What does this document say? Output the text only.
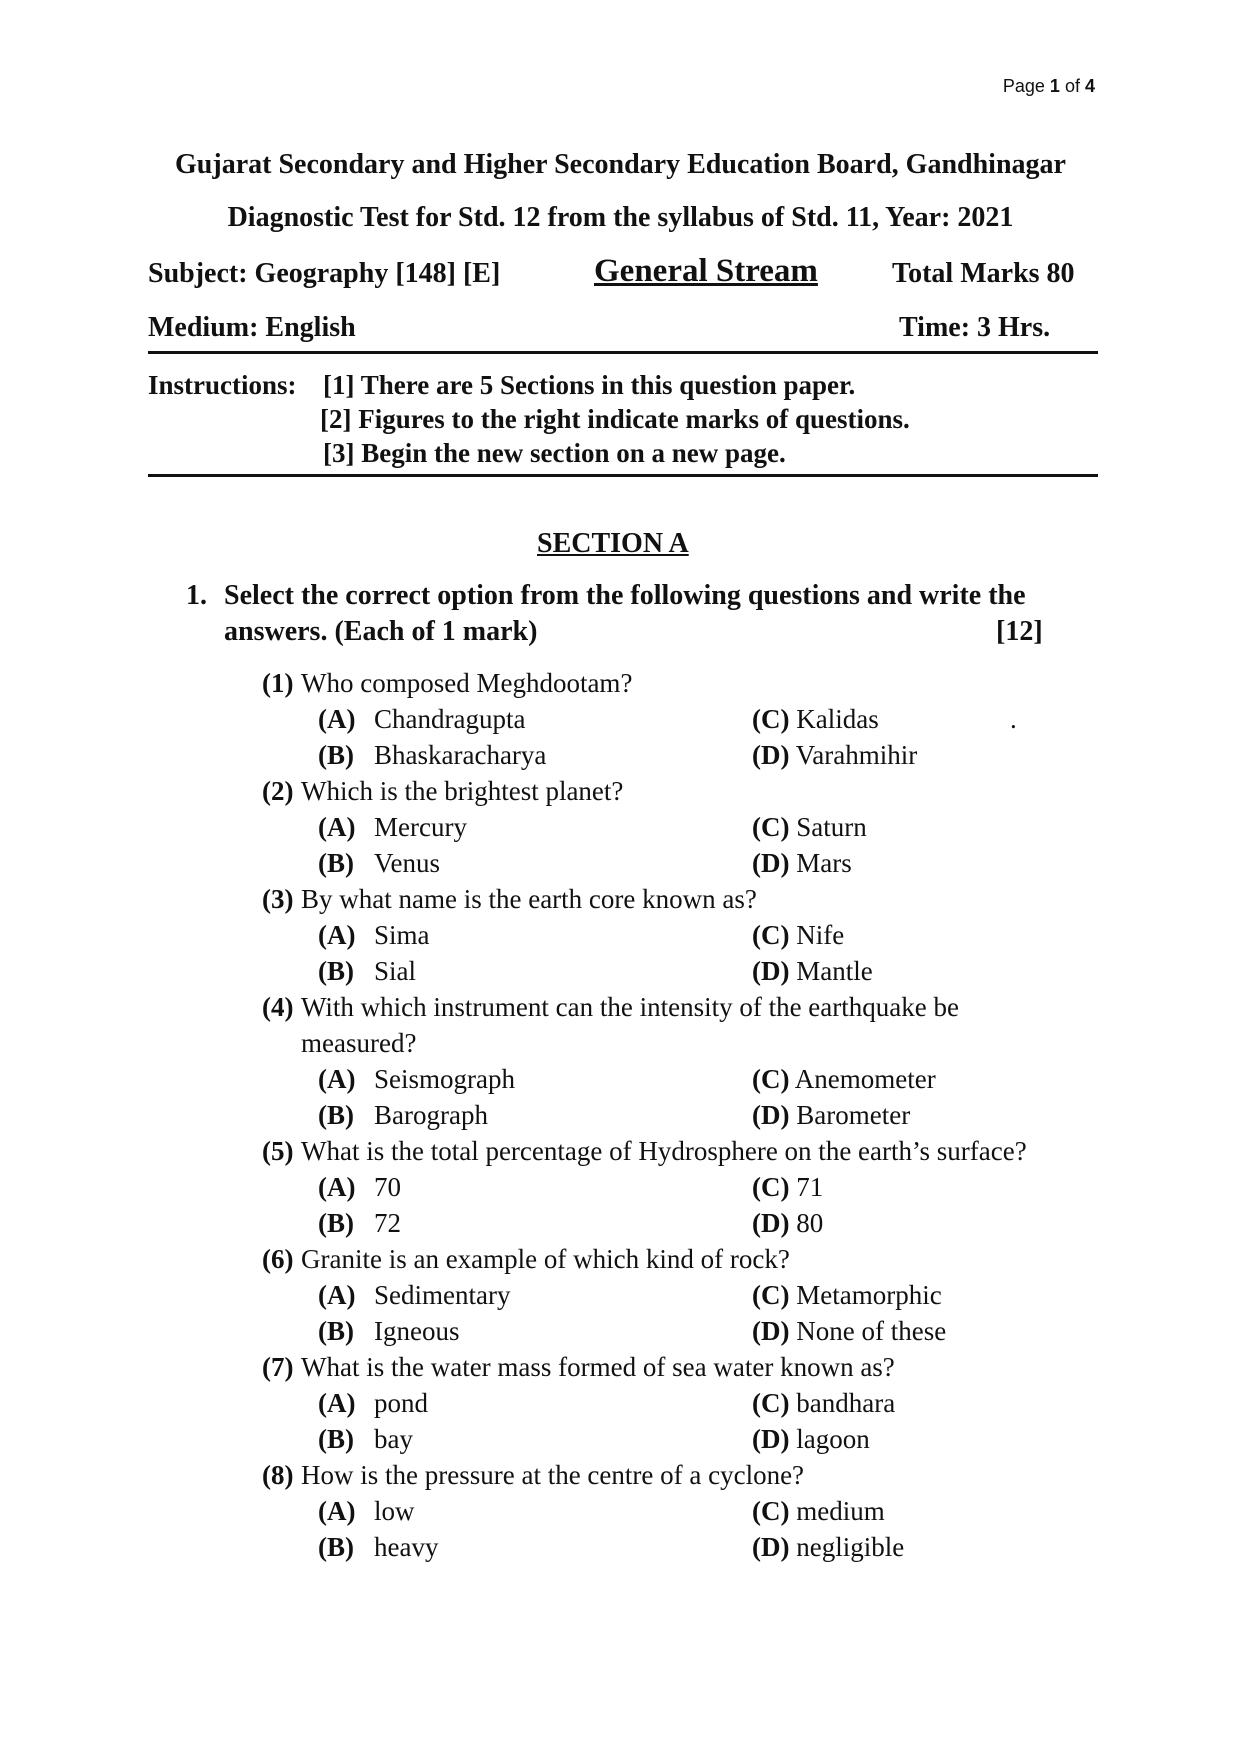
Page 1 of 4
Gujarat Secondary and Higher Secondary Education Board, Gandhinagar
Diagnostic Test for Std. 12 from the syllabus of Std. 11, Year: 2021
Subject: Geography [148] [E]	General Stream	Total Marks 80
Medium: English	Time: 3 Hrs.
Instructions: [1] There are 5 Sections in this question paper.
[2] Figures to the right indicate marks of questions.
[3] Begin the new section on a new page.
SECTION A
1. Select the correct option from the following questions and write the
answers. (Each of 1 mark)	[12]
(1) Who composed Meghdootam?
(A) Chandragupta	(C) Kalidas	.
(B) Bhaskaracharya	(D) Varahmihir
(2) Which is the brightest planet?
(A) Mercury	(C) Saturn
(B) Venus	(D) Mars
(3) By what name is the earth core known as?
(A) Sima	(C) Nife
(B) Sial	(D) Mantle
(4) With which instrument can the intensity of the earthquake be
measured?
(A) Seismograph	(C) Anemometer
(B) Barograph	(D) Barometer
(5) What is the total percentage of Hydrosphere on the earth’s surface?
(A) 70	(C) 71
(B) 72	(D) 80
(6) Granite is an example of which kind of rock?
(A) Sedimentary	(C) Metamorphic
(B) Igneous	(D) None of these
(7) What is the water mass formed of sea water known as?
(A) pond	(C) bandhara
(B) bay	(D) lagoon
(8) How is the pressure at the centre of a cyclone?
(A) low	(C) medium
(B) heavy	(D) negligible
